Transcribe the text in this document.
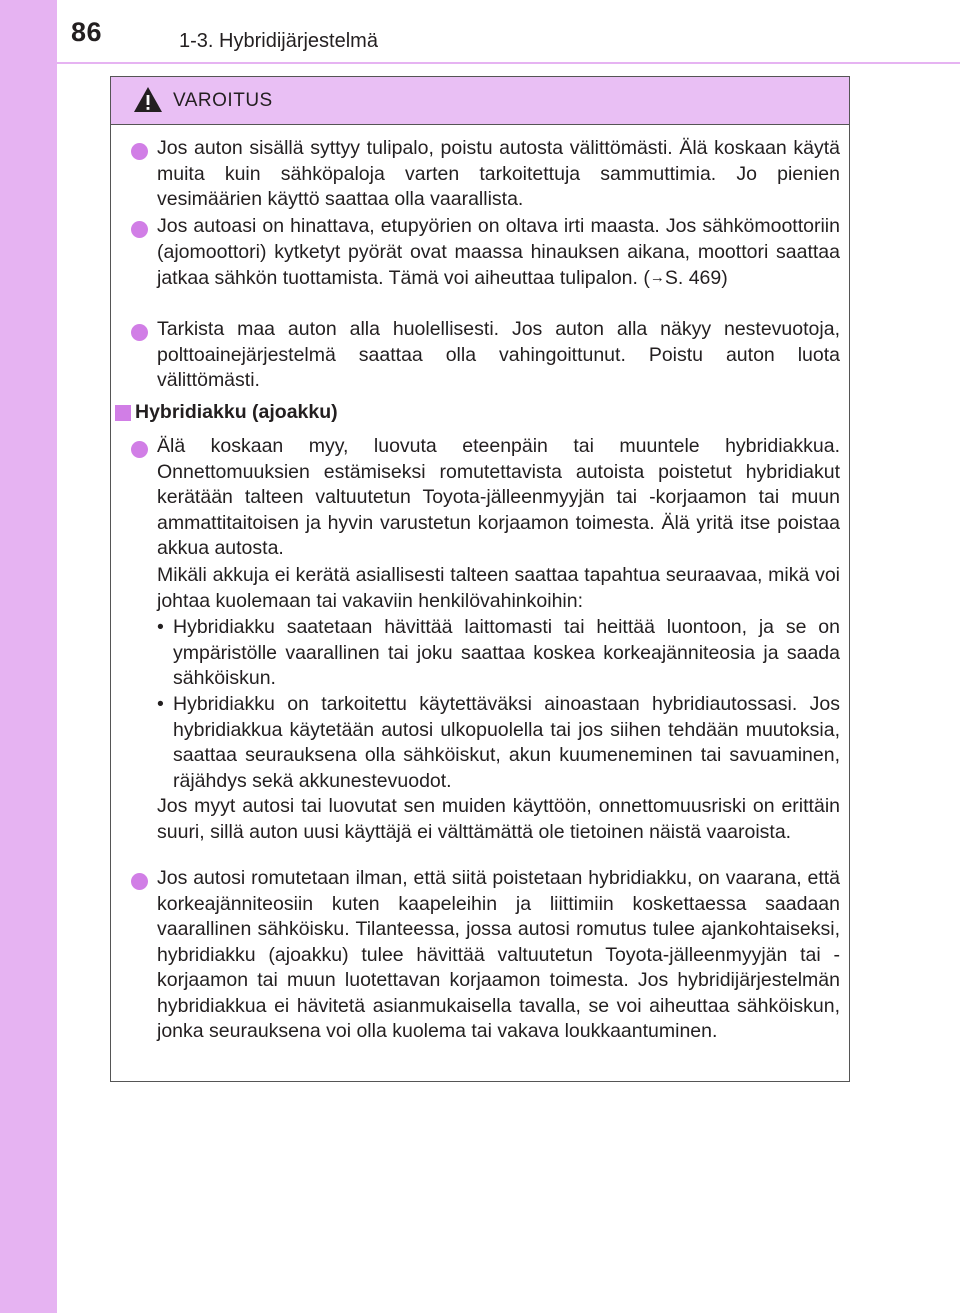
86	1-3. Hybridijärjestelmä
VAROITUS
Jos auton sisällä syttyy tulipalo, poistu autosta välittömästi. Älä koskaan käytä muita kuin sähköpaloja varten tarkoitettuja sammuttimia. Jo pienien vesimäärien käyttö saattaa olla vaarallista.
Jos autoasi on hinattava, etupyörien on oltava irti maasta. Jos sähkömoottoriin (ajomoottori) kytketyt pyörät ovat maassa hinauksen aikana, moottori saattaa jatkaa sähkön tuottamista. Tämä voi aiheuttaa tulipalon. (→S. 469)
Tarkista maa auton alla huolellisesti. Jos auton alla näkyy nestevuotoja, polttoainejärjestelmä saattaa olla vahingoittunut. Poistu auton luota välittömästi.
Hybridiakku (ajoakku)
Älä koskaan myy, luovuta eteenpäin tai muuntele hybridiakkua. Onnettomuuksien estämiseksi romutettavista autoista poistetut hybridiakut kerätään talteen valtuutetun Toyota-jälleenmyyjän tai -korjaamon tai muun ammattitaitoisen ja hyvin varustetun korjaamon toimesta. Älä yritä itse poistaa akkua autosta.
Mikäli akkuja ei kerätä asiallisesti talteen saattaa tapahtua seuraavaa, mikä voi johtaa kuolemaan tai vakaviin henkilövahinkoihin:
• Hybridiakku saatetaan hävittää laittomasti tai heittää luontoon, ja se on ympäristölle vaarallinen tai joku saattaa koskea korkeajänniteosia ja saada sähköiskun.
• Hybridiakku on tarkoitettu käytettäväksi ainoastaan hybridiautossasi. Jos hybridiakkua käytetään autosi ulkopuolella tai jos siihen tehdään muutoksia, saattaa seurauksena olla sähköiskut, akun kuumeneminen tai savuaminen, räjähdys sekä akkunestevuodot.
Jos myyt autosi tai luovutat sen muiden käyttöön, onnettomuusriski on erittäin suuri, sillä auton uusi käyttäjä ei välttämättä ole tietoinen näistä vaaroista.
Jos autosi romutetaan ilman, että siitä poistetaan hybridiakku, on vaarana, että korkeajänniteosiin kuten kaapeleihin ja liittimiin koskettaessa saadaan vaarallinen sähköisku. Tilanteessa, jossa autosi romutus tulee ajankohtaiseksi, hybridiakku (ajoakku) tulee hävittää valtuutetun Toyota-jälleenmyyjän tai -korjaamon tai muun luotettavan korjaamon toimesta. Jos hybridijärjestelmän hybridiakkua ei hävitetä asianmukaisella tavalla, se voi aiheuttaa sähköiskun, jonka seurauksena voi olla kuolema tai vakava loukkaantuminen.
